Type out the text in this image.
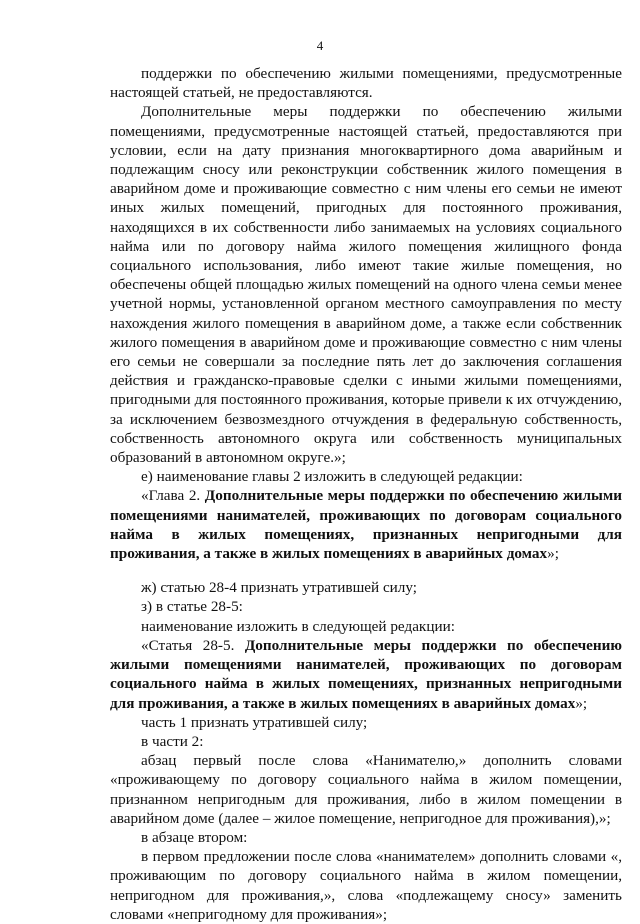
4

поддержки по обеспечению жилыми помещениями, предусмотренные настоящей статьей, не предоставляются.

Дополнительные меры поддержки по обеспечению жилыми помещениями, предусмотренные настоящей статьей, предоставляются при условии, если на дату признания многоквартирного дома аварийным и подлежащим сносу или реконструкции собственник жилого помещения в аварийном доме и проживающие совместно с ним члены его семьи не имеют иных жилых помещений, пригодных для постоянного проживания, находящихся в их собственности либо занимаемых на условиях социального найма или по договору найма жилого помещения жилищного фонда социального использования, либо имеют такие жилые помещения, но обеспечены общей площадью жилых помещений на одного члена семьи менее учетной нормы, установленной органом местного самоуправления по месту нахождения жилого помещения в аварийном доме, а также если собственник жилого помещения в аварийном доме и проживающие совместно с ним члены его семьи не совершали за последние пять лет до заключения соглашения действия и гражданско-правовые сделки с иными жилыми помещениями, пригодными для постоянного проживания, которые привели к их отчуждению, за исключением безвозмездного отчуждения в федеральную собственность, собственность автономного округа или собственность муниципальных образований в автономном округе.»;

е) наименование главы 2 изложить в следующей редакции:

«Глава 2. Дополнительные меры поддержки по обеспечению жилыми помещениями нанимателей, проживающих по договорам социального найма в жилых помещениях, признанных непригодными для проживания, а также в жилых помещениях в аварийных домах»;

ж) статью 28-4 признать утратившей силу;

з) в статье 28-5:

наименование изложить в следующей редакции:

«Статья 28-5. Дополнительные меры поддержки по обеспечению жилыми помещениями нанимателей, проживающих по договорам социального найма в жилых помещениях, признанных непригодными для проживания, а также в жилых помещениях в аварийных домах»;

часть 1 признать утратившей силу;

в части 2:

абзац первый после слова «Нанимателю,» дополнить словами «проживающему по договору социального найма в жилом помещении, признанном непригодным для проживания, либо в жилом помещении в аварийном доме (далее – жилое помещение, непригодное для проживания),»;

в абзаце втором:

в первом предложении после слова «нанимателем» дополнить словами «, проживающим по договору социального найма в жилом помещении, непригодном для проживания,», слова «подлежащему сносу» заменить словами «непригодному для проживания»;
